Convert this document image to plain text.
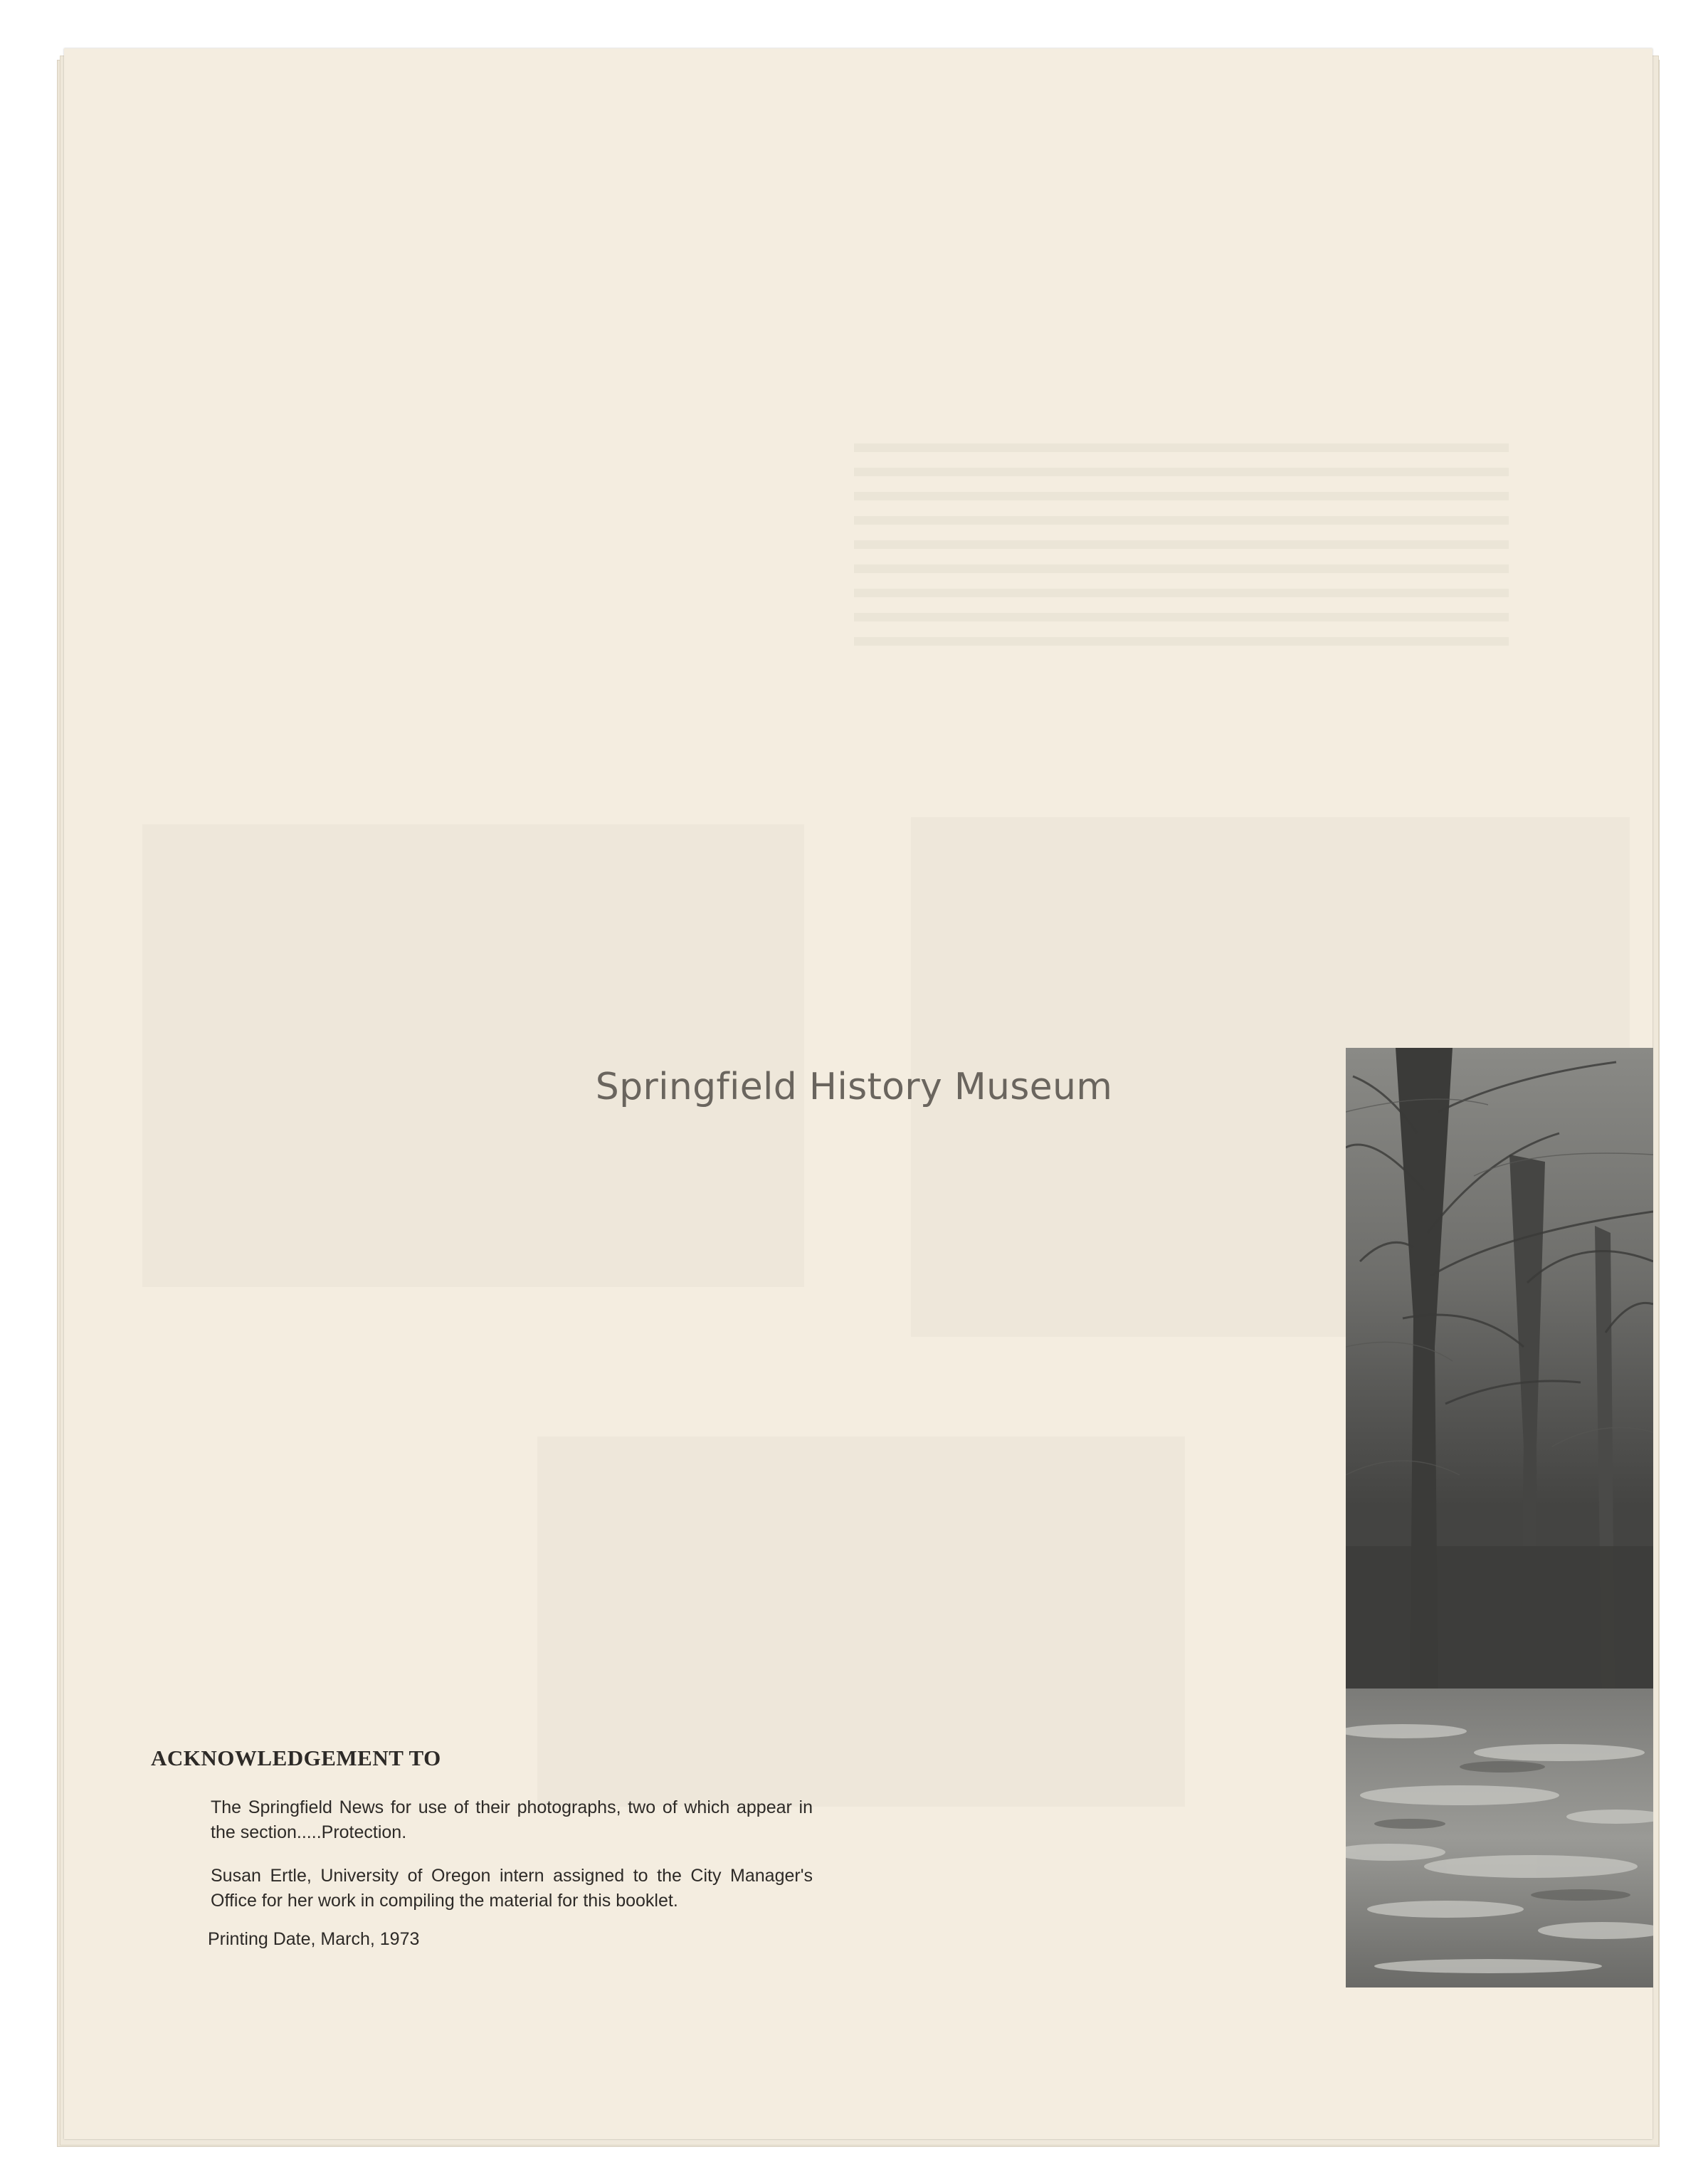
Springfield History Museum
ACKNOWLEDGEMENT TO
The Springfield News for use of their photographs, two of which appear in the section.....Protection.
Susan Ertle, University of Oregon intern assigned to the City Manager's Office for her work in compiling the material for this booklet.
Printing Date, March, 1973
